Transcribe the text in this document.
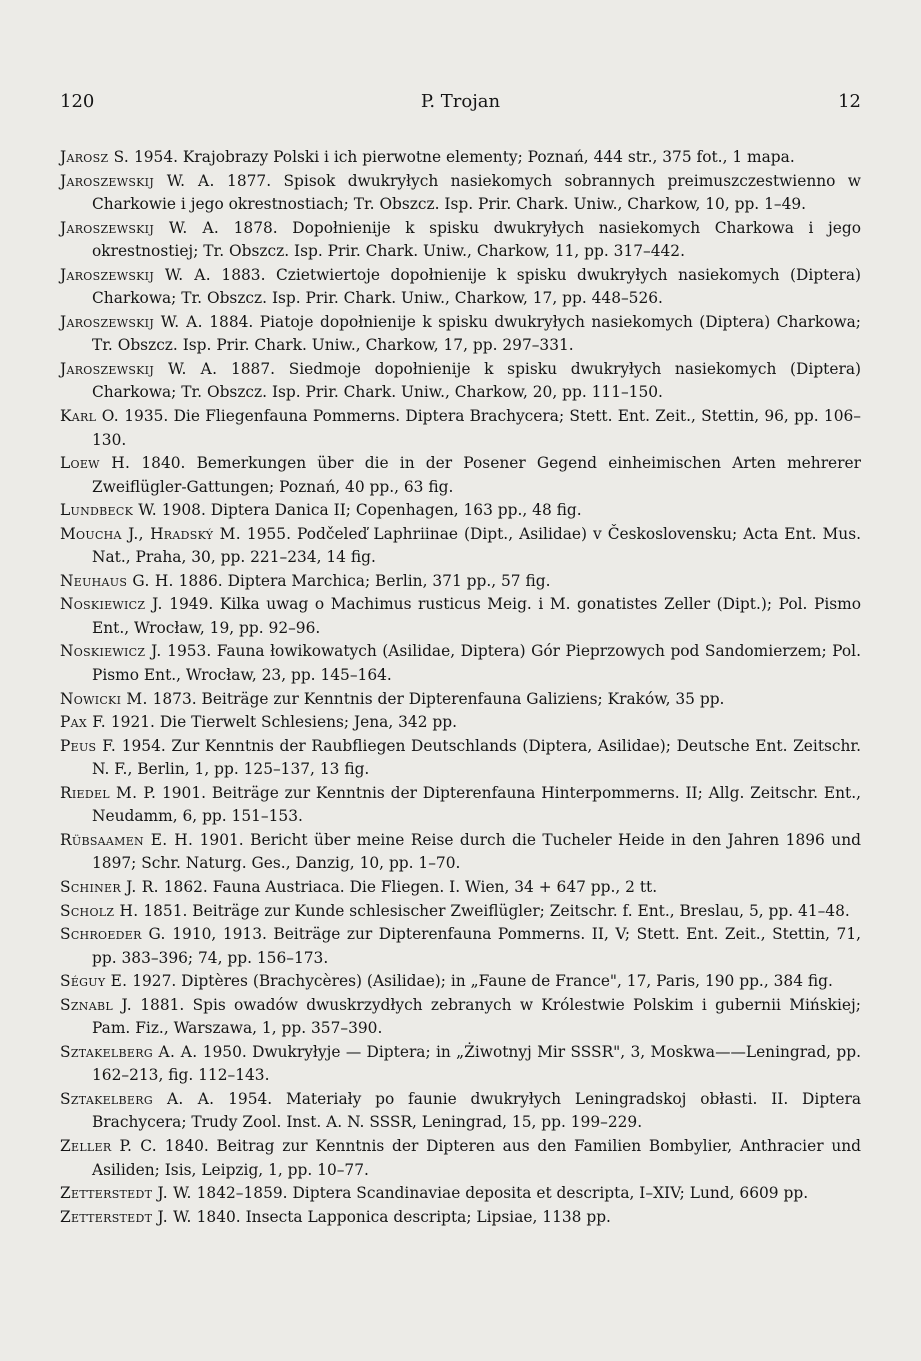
120	P. Trojan	12

Jarosz S. 1954. Krajobrazy Polski i ich pierwotne elementy; Poznań, 444 str., 375 fot., 1 mapa.

Jaroszewskij W. A. 1877. Spisok dwukryłych nasiekomych sobrannych preimuszczestwienno w Charkowie i jego okrestnostiach; Tr. Obszcz. Isp. Prir. Chark. Uniw., Charkow, 10, pp. 1–49.

Jaroszewskij W. A. 1878. Dopołnienije k spisku dwukryłych nasiekomych Charkowa i jego okrestnostiej; Tr. Obszcz. Isp. Prir. Chark. Uniw., Charkow, 11, pp. 317–442.

Jaroszewskij W. A. 1883. Czietwiertoje dopołnienije k spisku dwukryłych nasiekomych (Diptera) Charkowa; Tr. Obszcz. Isp. Prir. Chark. Uniw., Charkow, 17, pp. 448–526.

Jaroszewskij W. A. 1884. Piatoje dopołnienije k spisku dwukryłych nasiekomych (Diptera) Charkowa; Tr. Obszcz. Isp. Prir. Chark. Uniw., Charkow, 17, pp. 297–331.

Jaroszewskij W. A. 1887. Siedmoje dopołnienije k spisku dwukryłych nasiekomych (Diptera) Charkowa; Tr. Obszcz. Isp. Prir. Chark. Uniw., Charkow, 20, pp. 111–150.

Karl O. 1935. Die Fliegenfauna Pommerns. Diptera Brachycera; Stett. Ent. Zeit., Stettin, 96, pp. 106–130.

Loew H. 1840. Bemerkungen über die in der Posener Gegend einheimischen Arten mehrerer Zweiflügler-Gattungen; Poznań, 40 pp., 63 fig.

Lundbeck W. 1908. Diptera Danica II; Copenhagen, 163 pp., 48 fig.

Moucha J., Hradský M. 1955. Podčeleď Laphriinae (Dipt., Asilidae) v Československu; Acta Ent. Mus. Nat., Praha, 30, pp. 221–234, 14 fig.

Neuhaus G. H. 1886. Diptera Marchica; Berlin, 371 pp., 57 fig.

Noskiewicz J. 1949. Kilka uwag o Machimus rusticus Meig. i M. gonatistes Zeller (Dipt.); Pol. Pismo Ent., Wrocław, 19, pp. 92–96.

Noskiewicz J. 1953. Fauna łowikowatych (Asilidae, Diptera) Gór Pieprzowych pod Sandomierzem; Pol. Pismo Ent., Wrocław, 23, pp. 145–164.

Nowicki M. 1873. Beiträge zur Kenntnis der Dipterenfauna Galiziens; Kraków, 35 pp.

Pax F. 1921. Die Tierwelt Schlesiens; Jena, 342 pp.

Peus F. 1954. Zur Kenntnis der Raubfliegen Deutschlands (Diptera, Asilidae); Deutsche Ent. Zeitschr. N. F., Berlin, 1, pp. 125–137, 13 fig.

Riedel M. P. 1901. Beiträge zur Kenntnis der Dipterenfauna Hinterpommerns. II; Allg. Zeitschr. Ent., Neudamm, 6, pp. 151–153.

Rübsaamen E. H. 1901. Bericht über meine Reise durch die Tucheler Heide in den Jahren 1896 und 1897; Schr. Naturg. Ges., Danzig, 10, pp. 1–70.

Schiner J. R. 1862. Fauna Austriaca. Die Fliegen. I. Wien, 34 + 647 pp., 2 tt.

Scholz H. 1851. Beiträge zur Kunde schlesischer Zweiflügler; Zeitschr. f. Ent., Breslau, 5, pp. 41–48.

Schroeder G. 1910, 1913. Beiträge zur Dipterenfauna Pommerns. II, V; Stett. Ent. Zeit., Stettin, 71, pp. 383–396; 74, pp. 156–173.

Séguy E. 1927. Diptères (Brachycères) (Asilidae); in „Faune de France", 17, Paris, 190 pp., 384 fig.

Sznabl J. 1881. Spis owadów dwuskrzydłych zebranych w Królestwie Polskim i gubernii Mińskiej; Pam. Fiz., Warszawa, 1, pp. 357–390.

Sztakelberg A. A. 1950. Dwukryłyje — Diptera; in „Żiwotnyj Mir SSSR", 3, Moskwa——Leningrad, pp. 162–213, fig. 112–143.

Sztakelberg A. A. 1954. Materiały po faunie dwukryłych Leningradskoj obłasti. II. Diptera Brachycera; Trudy Zool. Inst. A. N. SSSR, Leningrad, 15, pp. 199–229.

Zeller P. C. 1840. Beitrag zur Kenntnis der Dipteren aus den Familien Bombylier, Anthracier und Asiliden; Isis, Leipzig, 1, pp. 10–77.

Zetterstedt J. W. 1842–1859. Diptera Scandinaviae deposita et descripta, I–XIV; Lund, 6609 pp.

Zetterstedt J. W. 1840. Insecta Lapponica descripta; Lipsiae, 1138 pp.
